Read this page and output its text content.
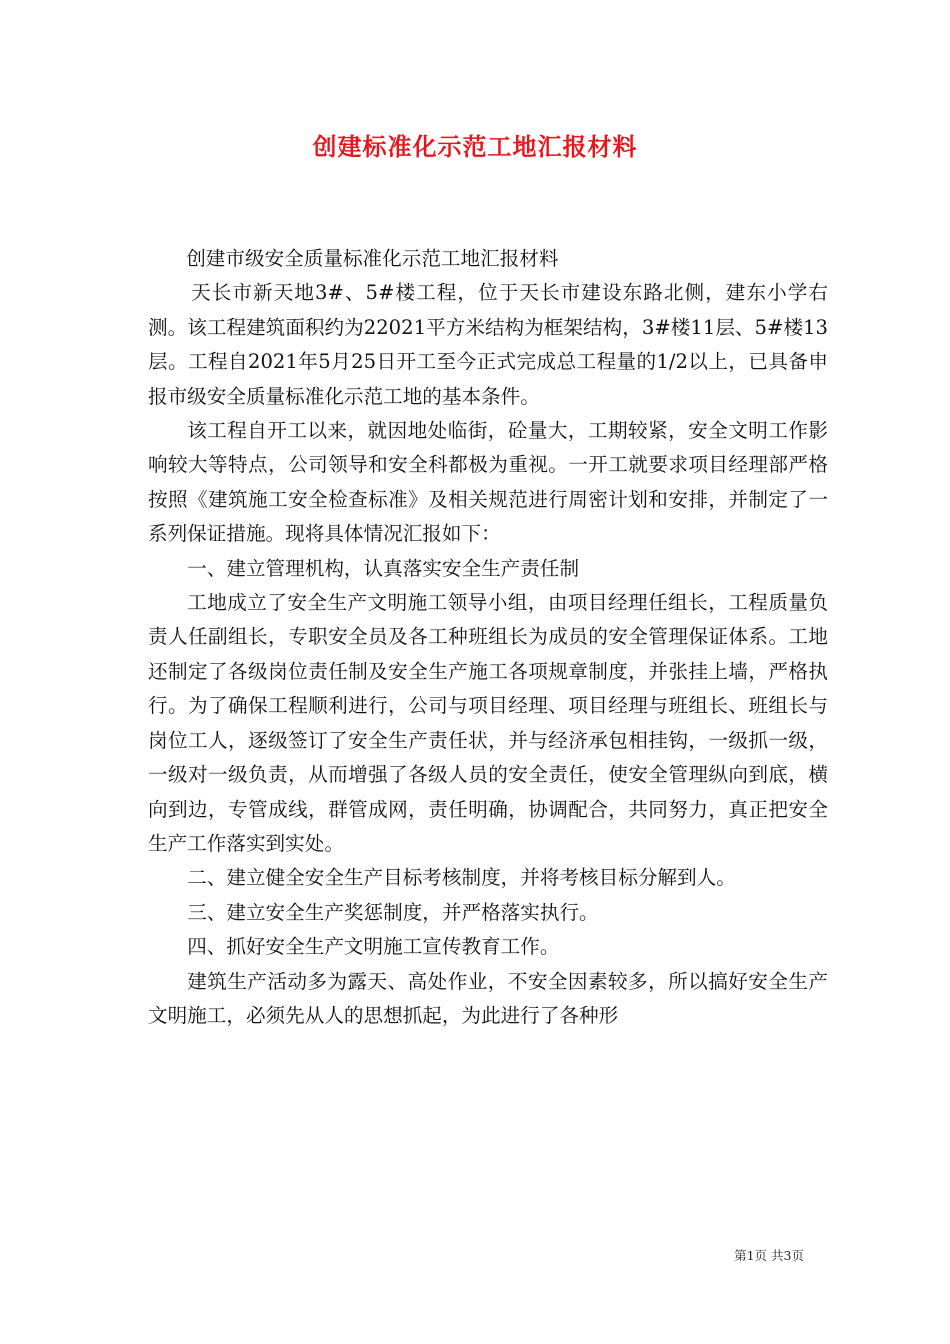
创建标准化示范工地汇报材料

创建市级安全质量标准化示范工地汇报材料

天长市新天地3#、5#楼工程，位于天长市建设东路北侧，建东小学右测。该工程建筑面积约为22021平方米结构为框架结构，3#楼11层、5#楼13层。工程自2021年5月25日开工至今正式完成总工程量的1/2以上，已具备申报市级安全质量标准化示范工地的基本条件。

该工程自开工以来，就因地处临街，砼量大，工期较紧，安全文明工作影响较大等特点，公司领导和安全科都极为重视。一开工就要求项目经理部严格按照《建筑施工安全检查标准》及相关规范进行周密计划和安排，并制定了一系列保证措施。现将具体情况汇报如下：

一、建立管理机构，认真落实安全生产责任制

工地成立了安全生产文明施工领导小组，由项目经理任组长，工程质量负责人任副组长，专职安全员及各工种班组长为成员的安全管理保证体系。工地还制定了各级岗位责任制及安全生产施工各项规章制度，并张挂上墙，严格执行。为了确保工程顺利进行，公司与项目经理、项目经理与班组长、班组长与岗位工人，逐级签订了安全生产责任状，并与经济承包相挂钩，一级抓一级，一级对一级负责，从而增强了各级人员的安全责任，使安全管理纵向到底，横向到边，专管成线，群管成网，责任明确，协调配合，共同努力，真正把安全生产工作落实到实处。

二、建立健全安全生产目标考核制度，并将考核目标分解到人。

三、建立安全生产奖惩制度，并严格落实执行。

四、抓好安全生产文明施工宣传教育工作。

建筑生产活动多为露天、高处作业，不安全因素较多，所以搞好安全生产文明施工，必须先从人的思想抓起，为此进行了各种形

第1页 共3页
